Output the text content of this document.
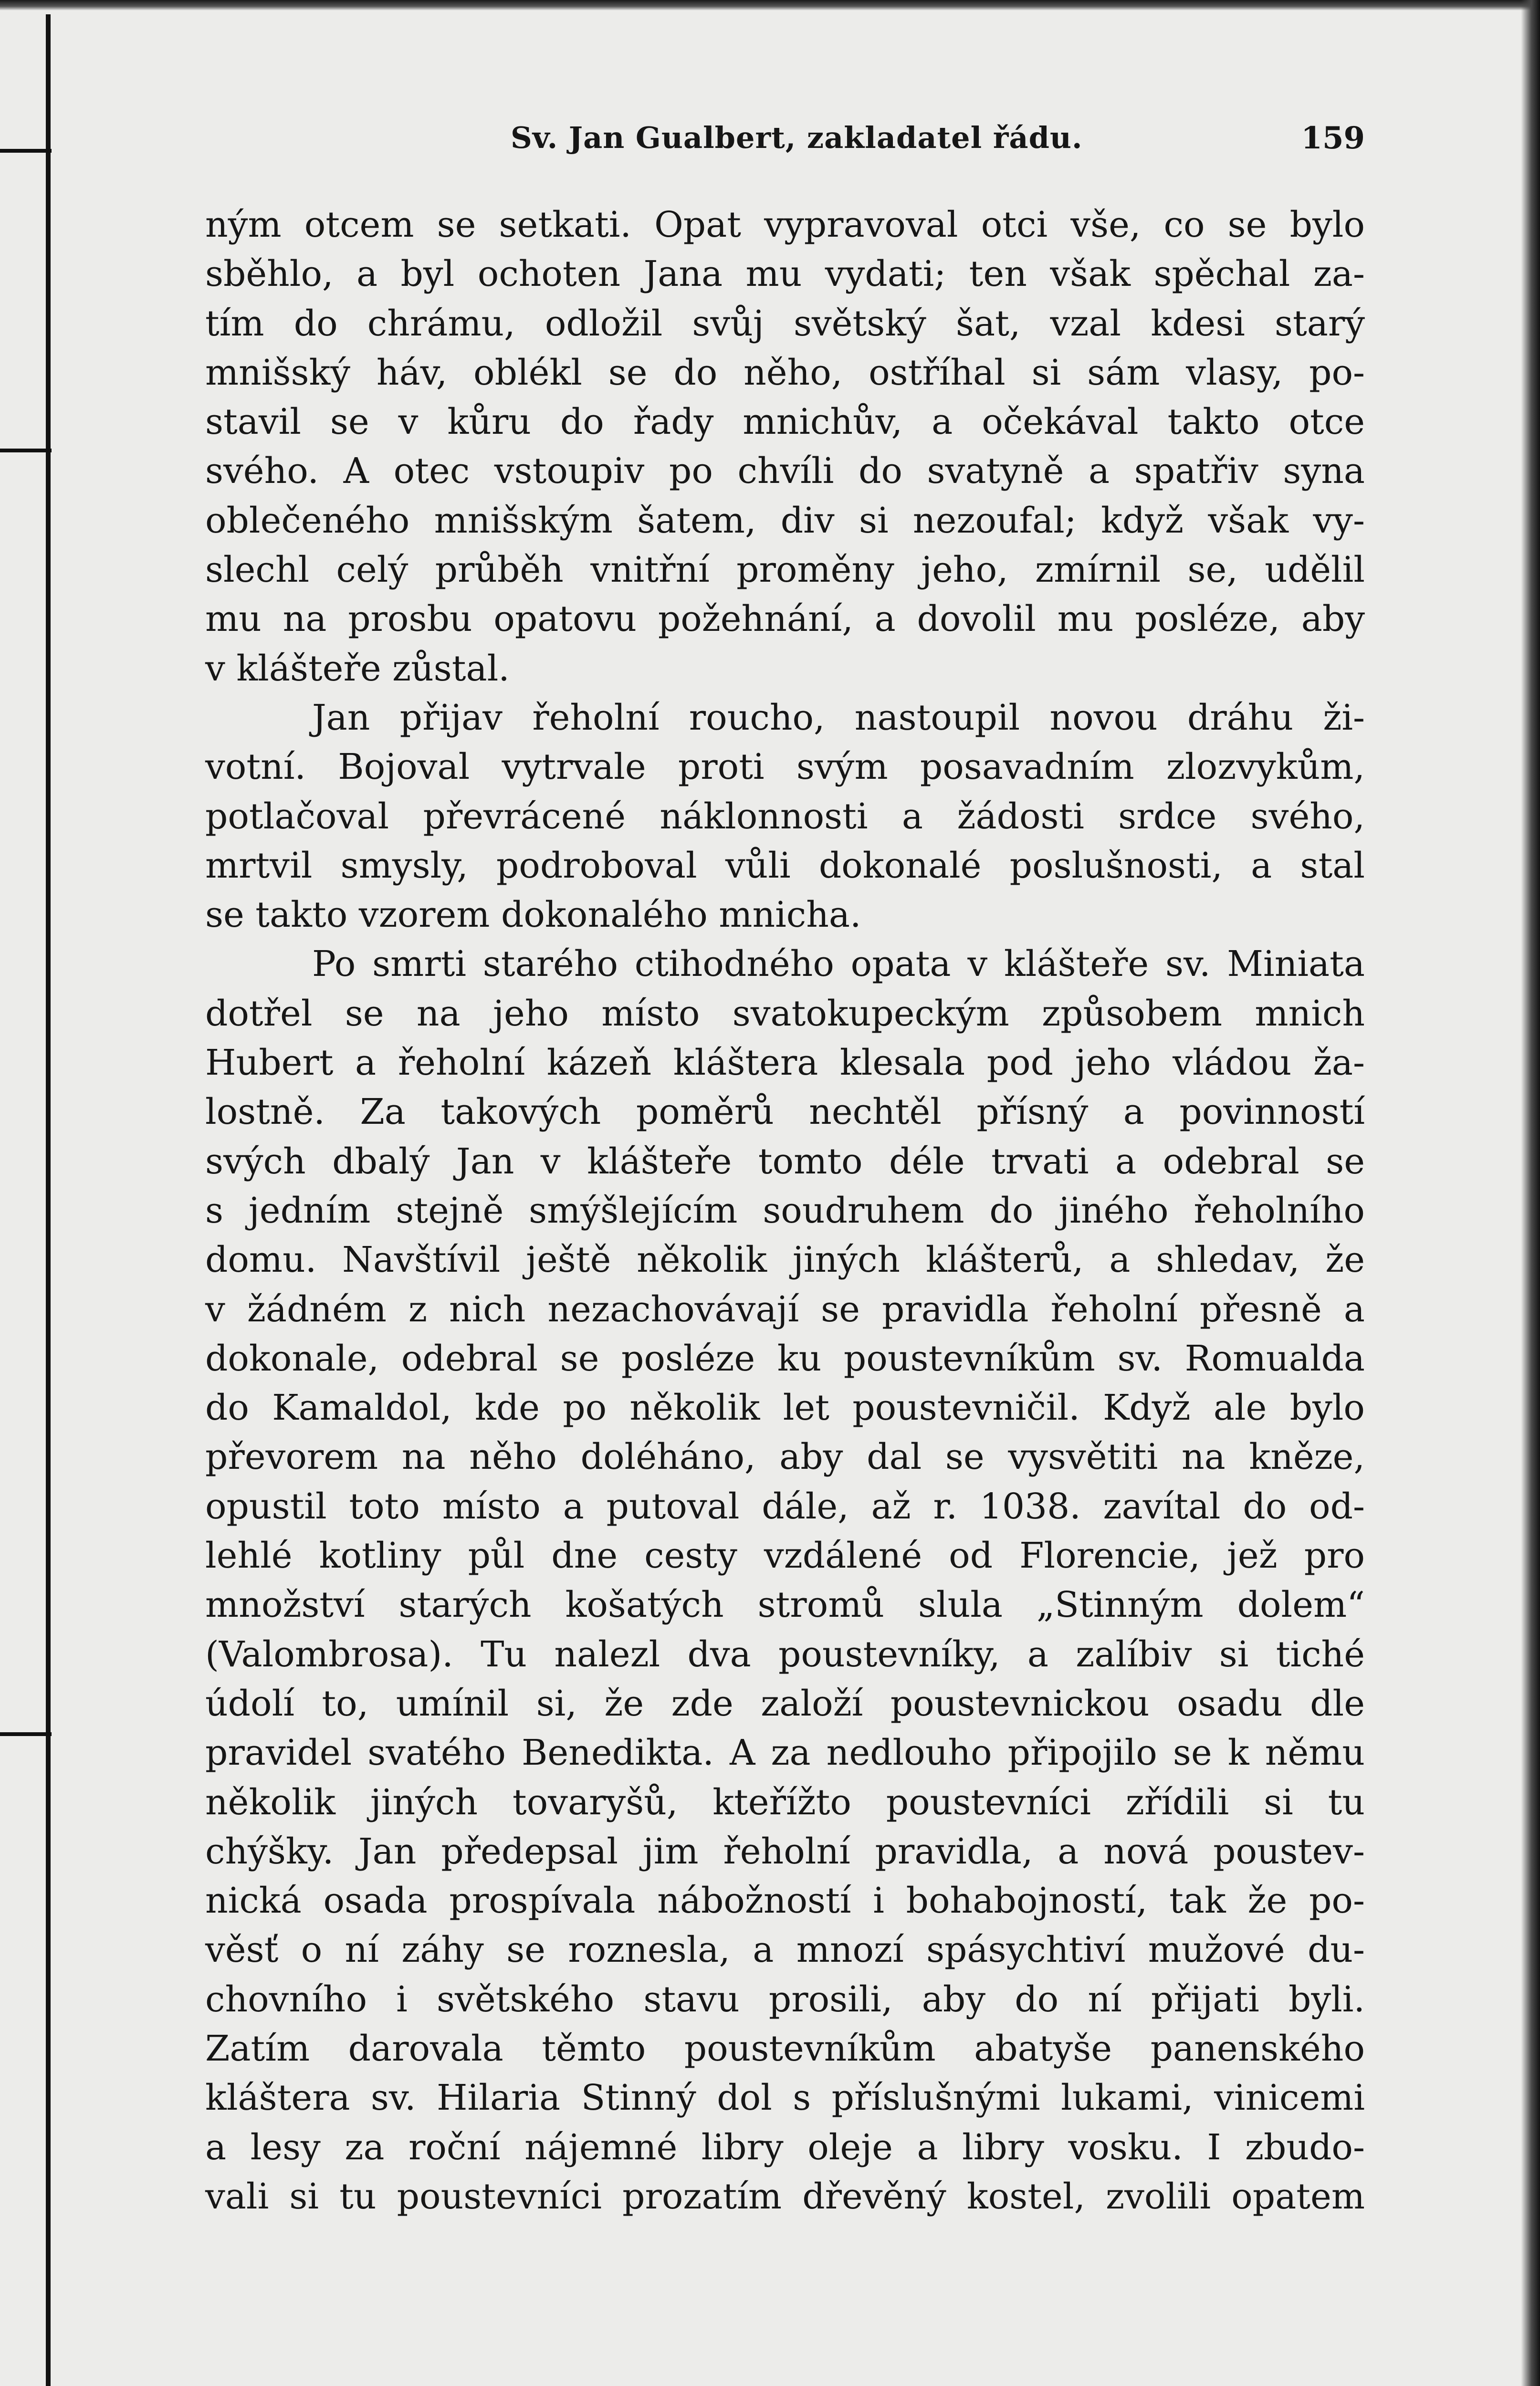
Sv. Jan Gualbert, zakladatel řádu.	159
ným otcem se setkati. Opat vypravoval otci vše, co se bylo
sběhlo, a byl ochoten Jana mu vydati; ten však spěchal za-
tím do chrámu, odložil svůj světský šat, vzal kdesi starý
mnišský háv, oblékl se do něho, ostříhal si sám vlasy, po-
stavil se v kůru do řady mnichův, a očekával takto otce
svého. A otec vstoupiv po chvíli do svatyně a spatřiv syna
oblečeného mnišským šatem, div si nezoufal; když však vy-
slechl celý průběh vnitřní proměny jeho, zmírnil se, udělil
mu na prosbu opatovu požehnání, a dovolil mu posléze, aby
v klášteře zůstal.
Jan přijav řeholní roucho, nastoupil novou dráhu ži-
votní. Bojoval vytrvale proti svým posavadním zlozvykům,
potlačoval převrácené náklonnosti a žádosti srdce svého,
mrtvil smysly, podroboval vůli dokonalé poslušnosti, a stal
se takto vzorem dokonalého mnicha.
Po smrti starého ctihodného opata v klášteře sv. Miniata
dotřel se na jeho místo svatokupeckým způsobem mnich
Hubert a řeholní kázeň kláštera klesala pod jeho vládou ža-
lostně. Za takových poměrů nechtěl přísný a povinností
svých dbalý Jan v klášteře tomto déle trvati a odebral se
s jedním stejně smýšlejícím soudruhem do jiného řeholního
domu. Navštívil ještě několik jiných klášterů, a shledav, že
v žádném z nich nezachovávají se pravidla řeholní přesně a
dokonale, odebral se posléze ku poustevníkům sv. Romualda
do Kamaldol, kde po několik let poustevničil. Když ale bylo
převorem na něho doléháno, aby dal se vysvětiti na kněze,
opustil toto místo a putoval dále, až r. 1038. zavítal do od-
lehlé kotliny půl dne cesty vzdálené od Florencie, jež pro
množství starých košatých stromů slula „Stinným dolem“
(Valombrosa). Tu nalezl dva poustevníky, a zalíbiv si tiché
údolí to, umínil si, že zde založí poustevnickou osadu dle
pravidel svatého Benedikta. A za nedlouho připojilo se k němu
několik jiných tovaryšů, kteřížto poustevníci zřídili si tu
chýšky. Jan předepsal jim řeholní pravidla, a nová poustev-
nická osada prospívala nábožností i bohabojností, tak že po-
věsť o ní záhy se roznesla, a mnozí spásychtiví mužové du-
chovního i světského stavu prosili, aby do ní přijati byli.
Zatím darovala těmto poustevníkům abatyše panenského
kláštera sv. Hilaria Stinný dol s příslušnými lukami, vinicemi
a lesy za roční nájemné libry oleje a libry vosku. I zbudo-
vali si tu poustevníci prozatím dřevěný kostel, zvolili opatem
